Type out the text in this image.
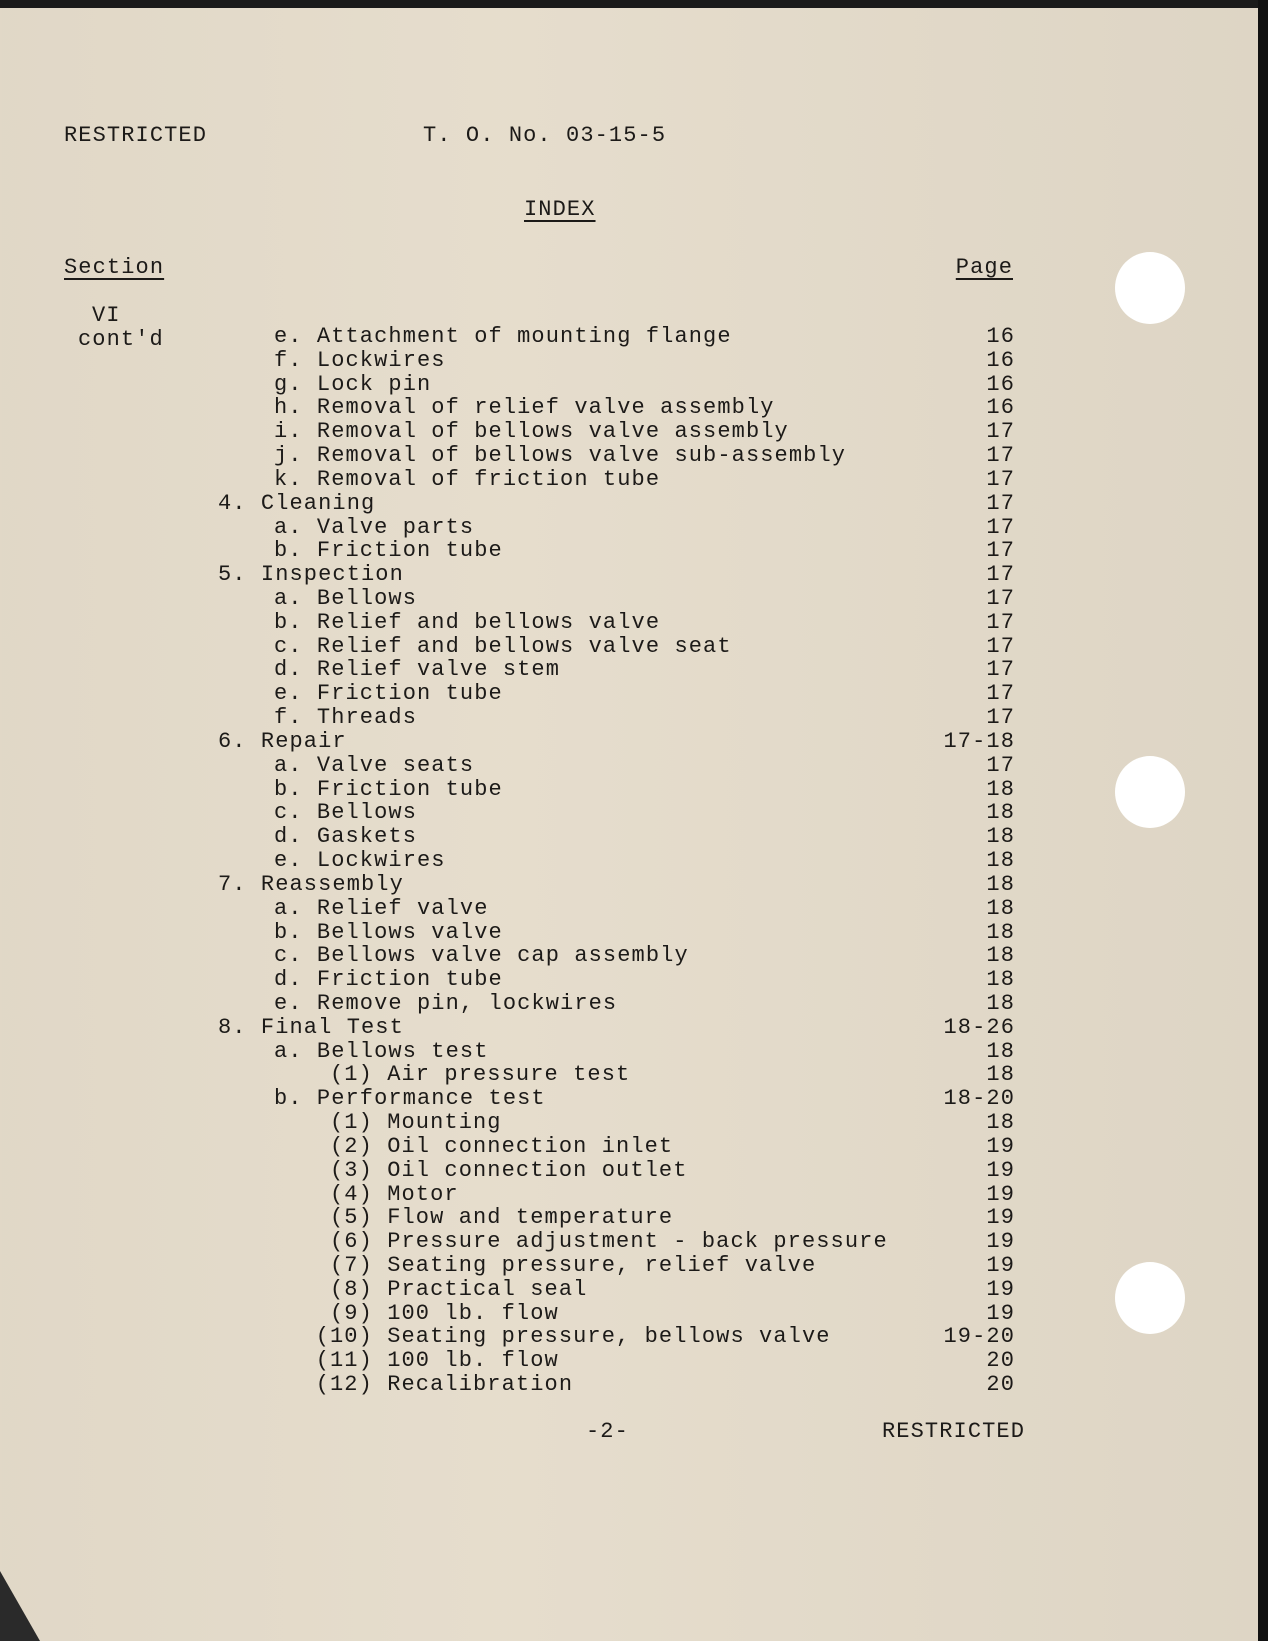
RESTRICTED	T. O. No. 03-15-5
INDEX
Section	Page
VI
cont'd	e. Attachment of mounting flange	16
f. Lockwires	16
g. Lock pin	16
h. Removal of relief valve assembly	16
i. Removal of bellows valve assembly	17
j. Removal of bellows valve sub-assembly	17
k. Removal of friction tube	17
4. Cleaning	17
a. Valve parts	17
b. Friction tube	17
5. Inspection	17
a. Bellows	17
b. Relief and bellows valve	17
c. Relief and bellows valve seat	17
d. Relief valve stem	17
e. Friction tube	17
f. Threads	17
6. Repair	17-18
a. Valve seats	17
b. Friction tube	18
c. Bellows	18
d. Gaskets	18
e. Lockwires	18
7. Reassembly	18
a. Relief valve	18
b. Bellows valve	18
c. Bellows valve cap assembly	18
d. Friction tube	18
e. Remove pin, lockwires	18
8. Final Test	18-26
a. Bellows test	18
(1) Air pressure test	18
b. Performance test	18-20
(1) Mounting	18
(2) Oil connection inlet	19
(3) Oil connection outlet	19
(4) Motor	19
(5) Flow and temperature	19
(6) Pressure adjustment - back pressure	19
(7) Seating pressure, relief valve	19
(8) Practical seal	19
(9) 100 lb. flow	19
(10) Seating pressure, bellows valve	19-20
(11) 100 lb. flow	20
(12) Recalibration	20
-2-	RESTRICTED
